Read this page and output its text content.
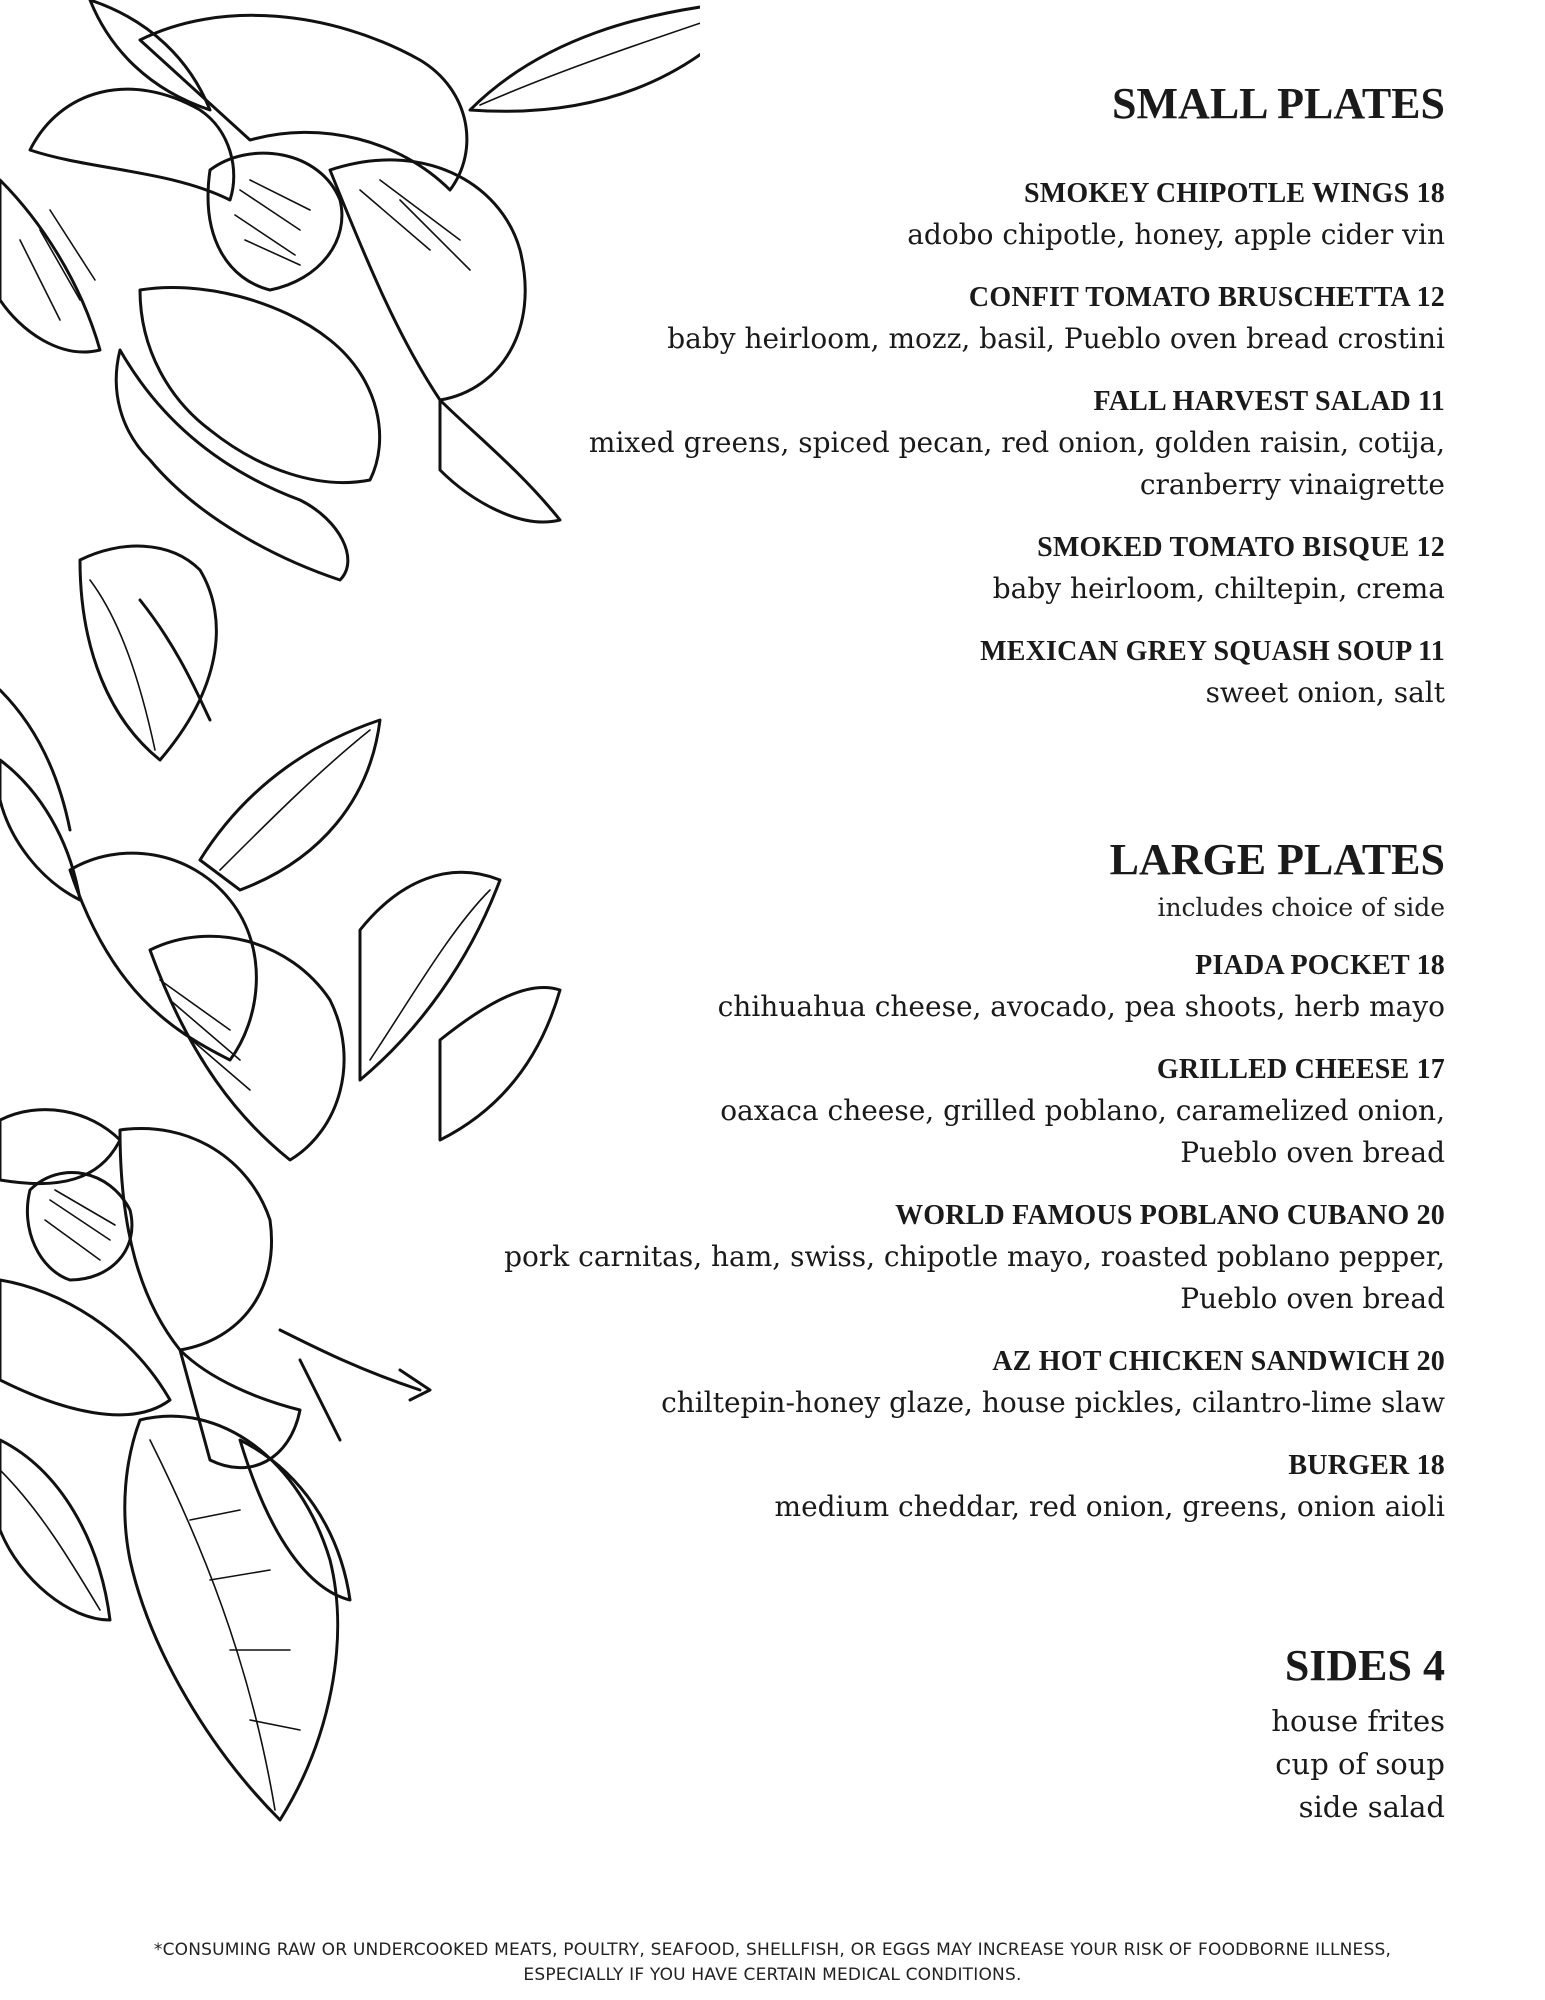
SMALL PLATES
SMOKEY CHIPOTLE WINGS 18
adobo chipotle, honey, apple cider vin
CONFIT TOMATO BRUSCHETTA 12
baby heirloom, mozz, basil, Pueblo oven bread crostini
FALL HARVEST SALAD 11
mixed greens, spiced pecan, red onion, golden raisin, cotija,
cranberry vinaigrette
SMOKED TOMATO BISQUE 12
baby heirloom, chiltepin, crema
MEXICAN GREY SQUASH SOUP 11
sweet onion, salt
LARGE PLATES
includes choice of side
PIADA POCKET 18
chihuahua cheese, avocado, pea shoots, herb mayo
GRILLED CHEESE 17
oaxaca cheese, grilled poblano, caramelized onion,
Pueblo oven bread
WORLD FAMOUS POBLANO CUBANO 20
pork carnitas, ham, swiss, chipotle mayo, roasted poblano pepper,
Pueblo oven bread
AZ HOT CHICKEN SANDWICH 20
chiltepin-honey glaze, house pickles, cilantro-lime slaw
BURGER 18
medium cheddar, red onion, greens, onion aioli
SIDES 4
house frites
cup of soup
side salad
*CONSUMING RAW OR UNDERCOOKED MEATS, POULTRY, SEAFOOD, SHELLFISH, OR EGGS MAY INCREASE YOUR RISK OF FOODBORNE ILLNESS,
ESPECIALLY IF YOU HAVE CERTAIN MEDICAL CONDITIONS.
